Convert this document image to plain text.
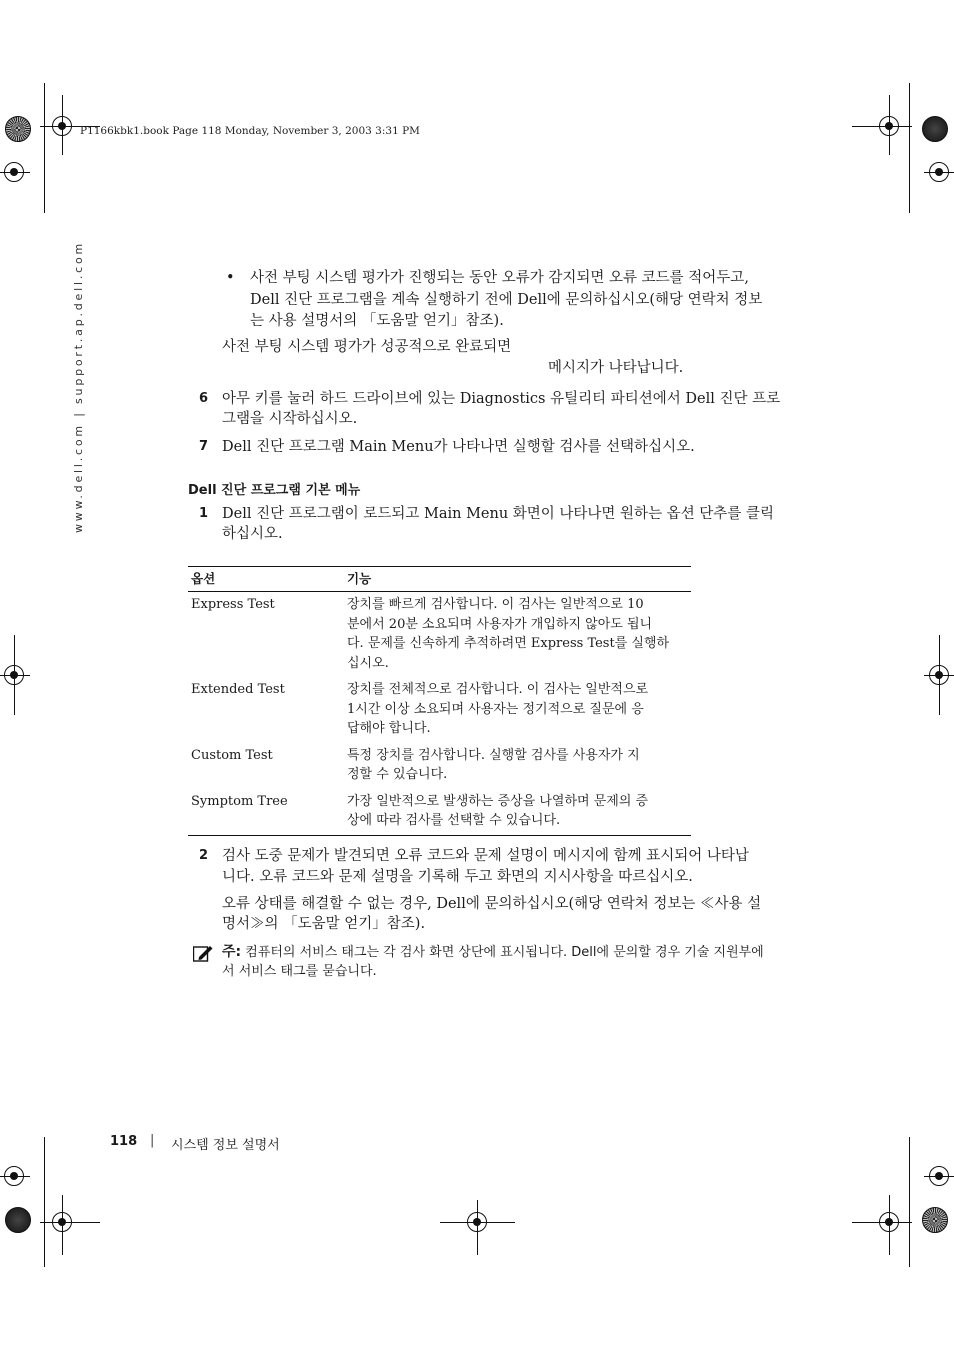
P1166kbk1.book Page 118 Monday, November 3, 2003 3:31 PM
www.dell.com | support.ap.dell.com	• 사전 부팅 시스템 평가가 진행되는 동안 오류가 감지되면 오류 코드를 적어두고,
Dell 진단 프로그램을 계속 실행하기 전에 Dell에 문의하십시오(해당 연락처 정보
는 사용 설명서의 「도움말 얻기」참조).
사전 부팅 시스템 평가가 성공적으로 완료되면
메시지가 나타납니다.
6 아무 키를 눌러 하드 드라이브에 있는 Diagnostics 유틸리티 파티션에서 Dell 진단 프로
그램을 시작하십시오.
7 Dell 진단 프로그램 Main Menu가 나타나면 실행할 검사를 선택하십시오.
Dell 진단 프로그램 기본 메뉴
1 Dell 진단 프로그램이 로드되고 Main Menu 화면이 나타나면 원하는 옵션 단추를 클릭
하십시오.
옵션	기능
Express Test	장치를 빠르게 검사합니다. 이 검사는 일반적으로 10
분에서 20분 소요되며 사용자가 개입하지 않아도 됩니
다. 문제를 신속하게 추적하려면 Express Test를 실행하
십시오.

Extended Test	장치를 전체적으로 검사합니다. 이 검사는 일반적으로
1시간 이상 소요되며 사용자는 정기적으로 질문에 응
답해야 합니다.

Custom Test	특정 장치를 검사합니다. 실행할 검사를 사용자가 지
정할 수 있습니다.

Symptom Tree	가장 일반적으로 발생하는 증상을 나열하며 문제의 증
상에 따라 검사를 선택할 수 있습니다.
2 검사 도중 문제가 발견되면 오류 코드와 문제 설명이 메시지에 함께 표시되어 나타납
니다. 오류 코드와 문제 설명을 기록해 두고 화면의 지시사항을 따르십시오.
오류 상태를 해결할 수 없는 경우, Dell에 문의하십시오(해당 연락처 정보는 ≪사용 설
명서≫의 「도움말 얻기」참조).
주: 컴퓨터의 서비스 태그는 각 검사 화면 상단에 표시됩니다. Dell에 문의할 경우 기술 지원부에
서 서비스 태그를 묻습니다.
118 | 시스템 정보 설명서
